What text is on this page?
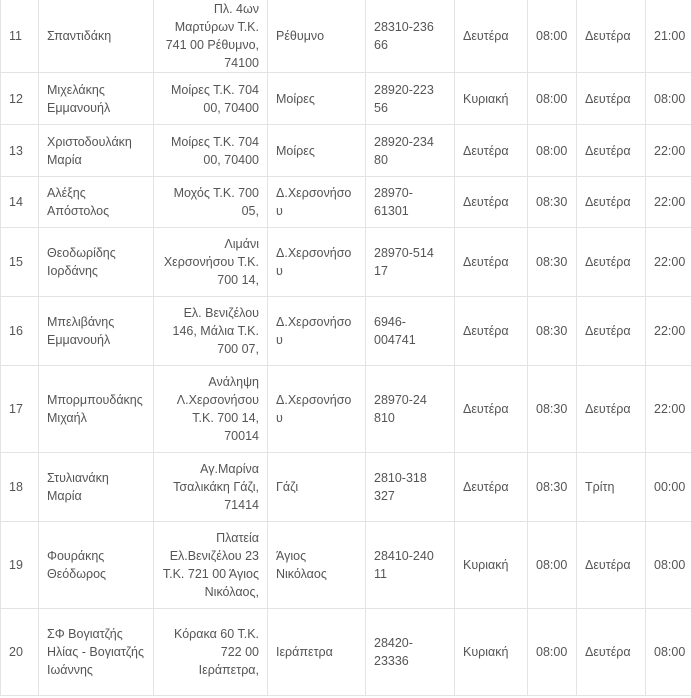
11	Σπαντιδάκη	Πλ. 4ων Μαρτύρων Τ.Κ. 741 00 Ρέθυμνο, 74100	Ρέθυμνο	28310-236 66	Δευτέρα	08:00	Δευτέρα	21:00
12	Μιχελάκης Εμμανουήλ	Μοίρες Τ.Κ. 704 00, 70400	Μοίρες	28920-223 56	Κυριακή	08:00	Δευτέρα	08:00
13	Χριστοδουλάκη Μαρία	Μοίρες Τ.Κ. 704 00, 70400	Μοίρες	28920-234 80	Δευτέρα	08:00	Δευτέρα	22:00
14	Αλέξης Απόστολος	Μοχός Τ.Κ. 700 05,	Δ.Χερσονήσου	28970-61301	Δευτέρα	08:30	Δευτέρα	22:00
15	Θεοδωρίδης Ιορδάνης	Λιμάνι Χερσονήσου Τ.Κ. 700 14,	Δ.Χερσονήσου	28970-514 17	Δευτέρα	08:30	Δευτέρα	22:00
16	Μπελιβάνης Εμμανουήλ	Ελ. Βενιζέλου 146, Μάλια Τ.Κ. 700 07,	Δ.Χερσονήσου	6946-004741	Δευτέρα	08:30	Δευτέρα	22:00
17	Μπορμπουδάκης Μιχαήλ	Ανάληψη Λ.Χερσονήσου Τ.Κ. 700 14, 70014	Δ.Χερσονήσου	28970-24 810	Δευτέρα	08:30	Δευτέρα	22:00
18	Στυλιανάκη Μαρία	Αγ.Μαρίνα Τσαλικάκη Γάζι, 71414	Γάζι	2810-318 327	Δευτέρα	08:30	Τρίτη	00:00
19	Φουράκης Θεόδωρος	Πλατεία Ελ.Βενιζέλου 23 Τ.Κ. 721 00 Άγιος Νικόλαος,	Άγιος Νικόλαος	28410-240 11	Κυριακή	08:00	Δευτέρα	08:00
20	ΣΦ Βογιατζής Ηλίας - Βογιατζής Ιωάννης	Κόρακα 60 Τ.Κ. 722 00 Ιεράπετρα,	Ιεράπετρα	28420-23336	Κυριακή	08:00	Δευτέρα	08:00
